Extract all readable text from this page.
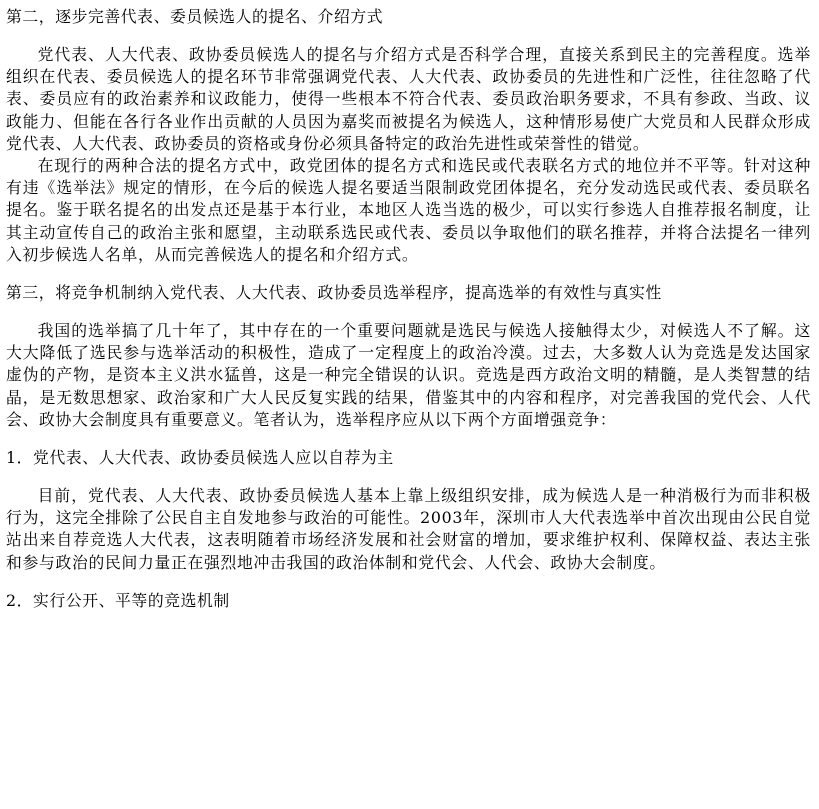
第二，逐步完善代表、委员候选人的提名、介绍方式

党代表、人大代表、政协委员候选人的提名与介绍方式是否科学合理，直接关系到民主的完善程度。选举组织在代表、委员候选人的提名环节非常强调党代表、人大代表、政协委员的先进性和广泛性，往往忽略了代表、委员应有的政治素养和议政能力，使得一些根本不符合代表、委员政治职务要求，不具有参政、当政、议政能力、但能在各行各业作出贡献的人员因为嘉奖而被提名为候选人，这种情形易使广大党员和人民群众形成党代表、人大代表、政协委员的资格或身份必须具备特定的政治先进性或荣誉性的错觉。

在现行的两种合法的提名方式中，政党团体的提名方式和选民或代表联名方式的地位并不平等。针对这种有违《选举法》规定的情形，在今后的候选人提名要适当限制政党团体提名，充分发动选民或代表、委员联名提名。鉴于联名提名的出发点还是基于本行业，本地区人选当选的极少，可以实行参选人自推荐报名制度，让其主动宣传自己的政治主张和愿望，主动联系选民或代表、委员以争取他们的联名推荐，并将合法提名一律列入初步候选人名单，从而完善候选人的提名和介绍方式。

第三，将竞争机制纳入党代表、人大代表、政协委员选举程序，提高选举的有效性与真实性

我国的选举搞了几十年了，其中存在的一个重要问题就是选民与候选人接触得太少，对候选人不了解。这大大降低了选民参与选举活动的积极性，造成了一定程度上的政治冷漠。过去，大多数人认为竞选是发达国家虚伪的产物，是资本主义洪水猛兽，这是一种完全错误的认识。竞选是西方政治文明的精髓，是人类智慧的结晶，是无数思想家、政治家和广大人民反复实践的结果，借鉴其中的内容和程序，对完善我国的党代会、人代会、政协大会制度具有重要意义。笔者认为，选举程序应从以下两个方面增强竞争：

1．党代表、人大代表、政协委员候选人应以自荐为主

目前，党代表、人大代表、政协委员候选人基本上靠上级组织安排，成为候选人是一种消极行为而非积极行为，这完全排除了公民自主自发地参与政治的可能性。2003年，深圳市人大代表选举中首次出现由公民自觉站出来自荐竞选人大代表，这表明随着市场经济发展和社会财富的增加，要求维护权利、保障权益、表达主张和参与政治的民间力量正在强烈地冲击我国的政治体制和党代会、人代会、政协大会制度。

2．实行公开、平等的竞选机制
